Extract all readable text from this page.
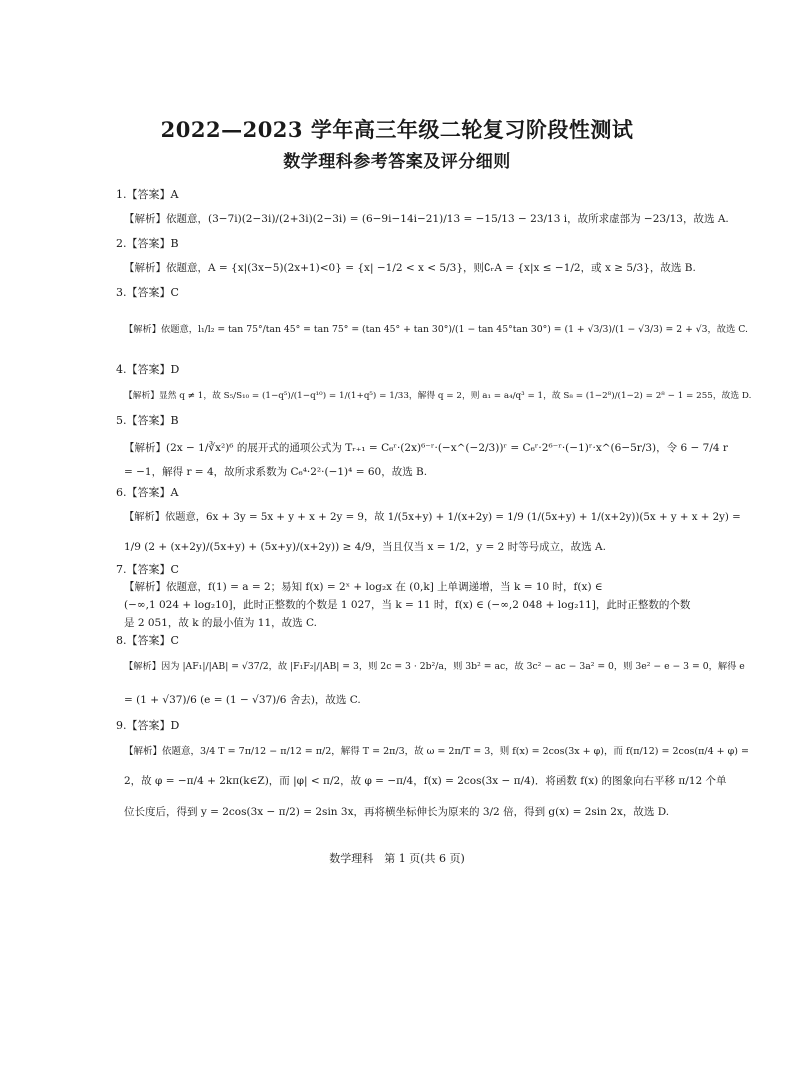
2022—2023 学年高三年级二轮复习阶段性测试
数学理科参考答案及评分细则
1.【答案】A
【解析】依题意，(3−7i)(2−3i)/(2+3i)(2−3i) = (6−9i−14i−21)/13 = −15/13 − 23/13 i，故所求虚部为 −23/13，故选 A.
2.【答案】B
【解析】依题意，A = {x|(3x−5)(2x+1)<0} = {x| −1/2 < x < 5/3}，则∁ᵣA = {x|x ≤ −1/2，或 x ≥ 5/3}，故选 B.
3.【答案】C
【解析】依题意，l₁/l₂ = tan 75°/tan 45° = tan 75° = (tan 45° + tan 30°)/(1 − tan 45°tan 30°) = (1 + √3/3)/(1 − √3/3) = 2 + √3，故选 C.
4.【答案】D
【解析】显然 q ≠ 1，故 S₅/S₁₀ = (1−q⁵)/(1−q¹⁰) = 1/(1+q⁵) = 1/33，解得 q = 2，则 a₁ = a₄/q³ = 1，故 S₈ = (1−2⁸)/(1−2) = 2⁸ − 1 = 255，故选 D.
5.【答案】B
【解析】(2x − 1/∛x²)⁶ 的展开式的通项公式为 Tᵣ₊₁ = C₆ʳ·(2x)⁶⁻ʳ·(−x^(−2/3))ʳ = C₆ʳ·2⁶⁻ʳ·(−1)ʳ·x^(6−5r/3)，令 6 − 7/4 r
= −1，解得 r = 4，故所求系数为 C₆⁴·2²·(−1)⁴ = 60，故选 B.
6.【答案】A
【解析】依题意，6x + 3y = 5x + y + x + 2y = 9，故 1/(5x+y) + 1/(x+2y) = 1/9 (1/(5x+y) + 1/(x+2y))(5x + y + x + 2y) =
1/9 (2 + (x+2y)/(5x+y) + (5x+y)/(x+2y)) ≥ 4/9，当且仅当 x = 1/2，y = 2 时等号成立，故选 A.
7.【答案】C
【解析】依题意，f(1) = a = 2；易知 f(x) = 2ˣ + log₂x 在 (0,k] 上单调递增，当 k = 10 时，f(x) ∈
(−∞,1 024 + log₂10]，此时正整数的个数是 1 027，当 k = 11 时，f(x) ∈ (−∞,2 048 + log₂11]，此时正整数的个数
是 2 051，故 k 的最小值为 11，故选 C.
8.【答案】C
【解析】因为 |AF₁|/|AB| = √37/2，故 |F₁F₂|/|AB| = 3，则 2c = 3 · 2b²/a，则 3b² = ac，故 3c² − ac − 3a² = 0，则 3e² − e − 3 = 0，解得 e
= (1 + √37)/6 (e = (1 − √37)/6 舍去)，故选 C.
9.【答案】D
【解析】依题意，3/4 T = 7π/12 − π/12 = π/2，解得 T = 2π/3，故 ω = 2π/T = 3，则 f(x) = 2cos(3x + φ)，而 f(π/12) = 2cos(π/4 + φ) =
2，故 φ = −π/4 + 2kπ(k∈Z)，而 |φ| < π/2，故 φ = −π/4，f(x) = 2cos(3x − π/4)．将函数 f(x) 的图象向右平移 π/12 个单
位长度后，得到 y = 2cos(3x − π/2) = 2sin 3x，再将横坐标伸长为原来的 3/2 倍，得到 g(x) = 2sin 2x，故选 D.
数学理科　第 1 页(共 6 页)
